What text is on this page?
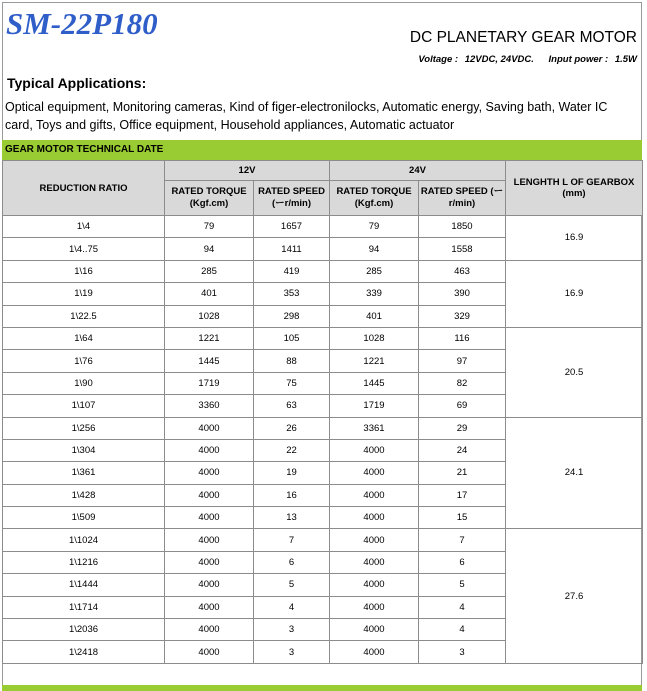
SM-22P180	DC PLANETARY GEAR MOTOR
Voltage : 12VDC, 24VDC. Input power : 1.5W
Typical Applications:
Optical equipment, Monitoring cameras, Kind of figer-electronilocks, Automatic energy, Saving bath, Water IC card, Toys and gifts, Office equipment, Household appliances, Automatic actuator
GEAR MOTOR TECHNICAL DATE
REDUCTION RATIO	12V		24V		LENGHTH L OF GEARBOX (mm)
	RATED TORQUE (Kgf.cm)	RATED SPEED (ーr/min)	RATED TORQUE (Kgf.cm)	RATED SPEED (ーr/min)	
1\4	79	1657	79	1850	16.9
1\4..75	94	1411	94	1558	
1\16	285	419	285	463	16.9
1\19	401	353	339	390	
1\22.5	1028	298	401	329	
1\64	1221	105	1028	116	20.5
1\76	1445	88	1221	97	
1\90	1719	75	1445	82	
1\107	3360	63	1719	69	
1\256	4000	26	3361	29	24.1
1\304	4000	22	4000	24	
1\361	4000	19	4000	21	
1\428	4000	16	4000	17	
1\509	4000	13	4000	15	
1\1024	4000	7	4000	7	27.6
1\1216	4000	6	4000	6	
1\1444	4000	5	4000	5	
1\1714	4000	4	4000	4	
1\2036	4000	3	4000	4	
1\2418	4000	3	4000	3	
